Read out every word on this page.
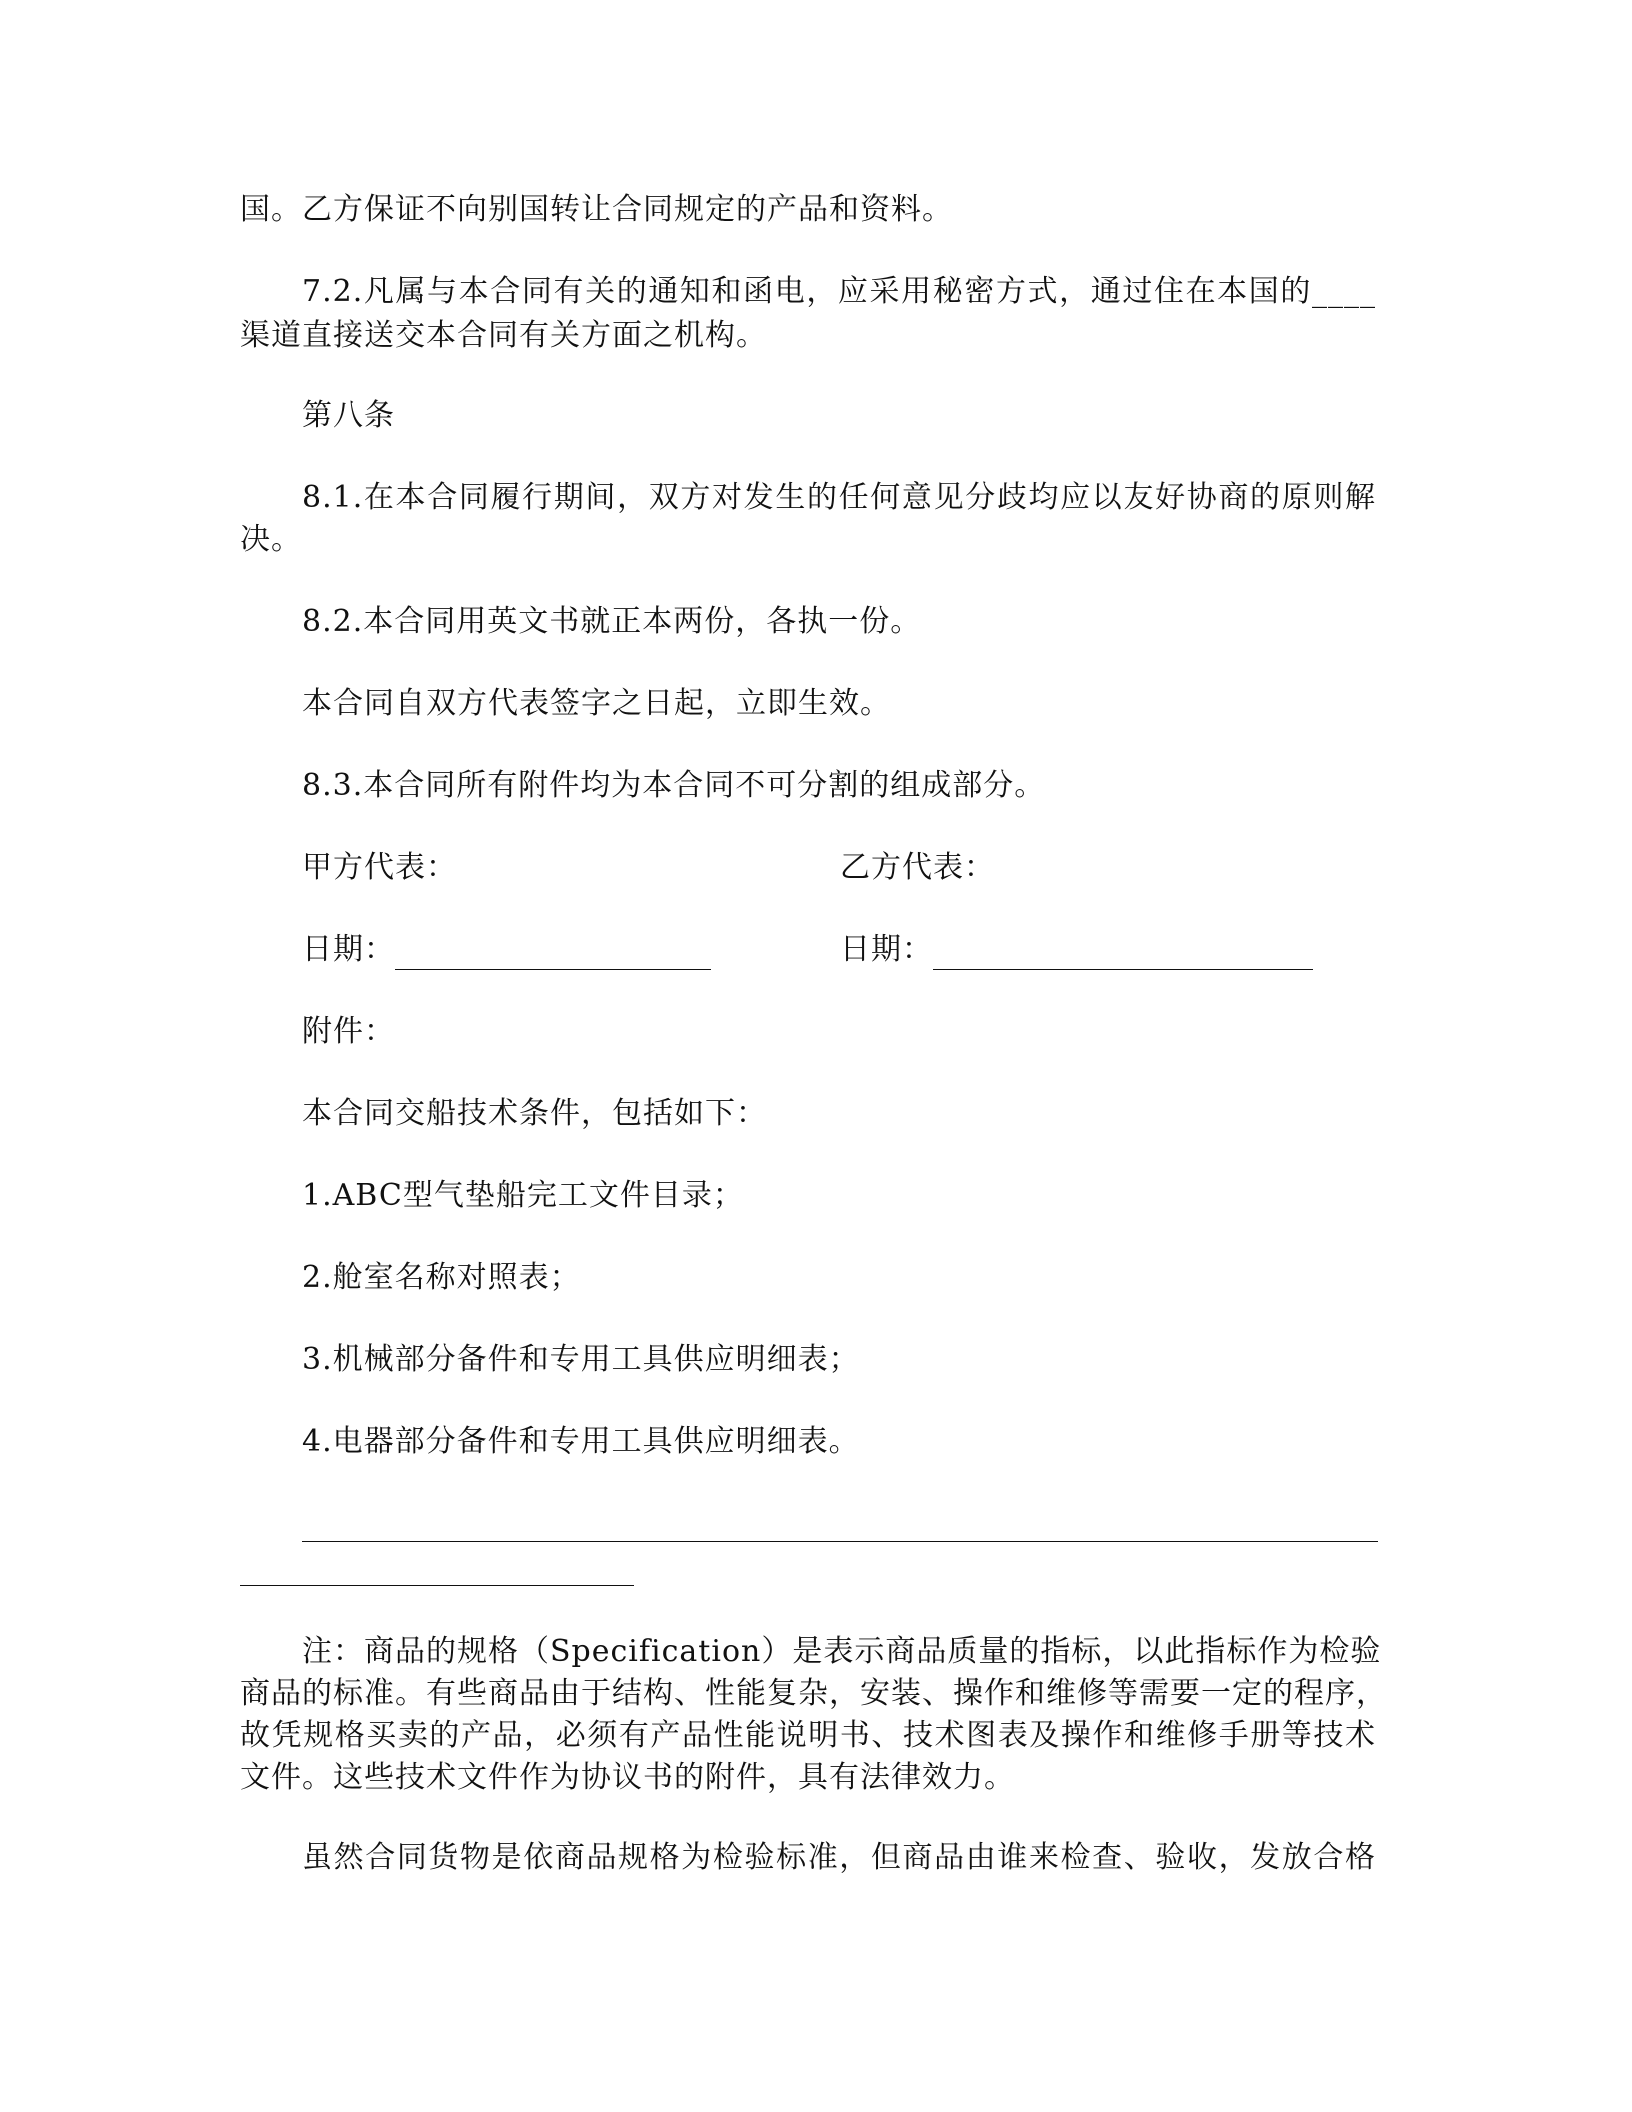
国。乙方保证不向别国转让合同规定的产品和资料。
7.2.凡属与本合同有关的通知和函电，应采用秘密方式，通过住在本国的____
渠道直接送交本合同有关方面之机构。
第八条
8.1.在本合同履行期间，双方对发生的任何意见分歧均应以友好协商的原则解
决。
8.2.本合同用英文书就正本两份，各执一份。
本合同自双方代表签字之日起，立即生效。
8.3.本合同所有附件均为本合同不可分割的组成部分。
甲方代表：	乙方代表：
日期：	日期：
附件：
本合同交船技术条件，包括如下：
1.ABC型气垫船完工文件目录；
2.舱室名称对照表；
3.机械部分备件和专用工具供应明细表；
4.电器部分备件和专用工具供应明细表。
注：商品的规格（Specification）是表示商品质量的指标，以此指标作为检验
商品的标准。有些商品由于结构、性能复杂，安装、操作和维修等需要一定的程序，
故凭规格买卖的产品，必须有产品性能说明书、技术图表及操作和维修手册等技术
文件。这些技术文件作为协议书的附件，具有法律效力。
虽然合同货物是依商品规格为检验标准，但商品由谁来检查、验收，发放合格
